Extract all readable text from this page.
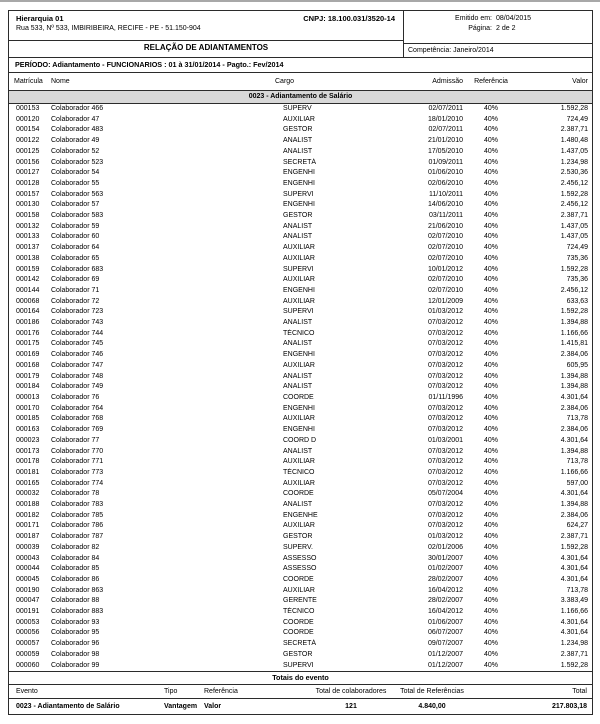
Hierarquia 01
Rua 533, Nº 533, IMBIRIBEIRA, RECIFE - PE - 51.150-904
CNPJ: 18.100.031/3520-14
RELAÇÃO DE ADIANTAMENTOS
Emitido em: 08/04/2015
Página: 2 de 2
Competência: Janeiro/2014
PERÍODO: Adiantamento - FUNCIONARIOS : 01 à 31/01/2014 - Pagto.: Fev/2014
Matrícula	Nome	Cargo	Admissão	Referência	Valor
0023 - Adiantamento de Salário					
000153	Colaborador 466	SUPERV	02/07/2011	40%	1.592,28
000120	Colaborador 47	AUXILIAR	18/01/2010	40%	724,49
000154	Colaborador 483	GESTOR	02/07/2011	40%	2.387,71
000122	Colaborador 49	ANALIST	21/01/2010	40%	1.480,48
000125	Colaborador 52	ANALIST	17/05/2010	40%	1.437,05
000156	Colaborador 523	SECRETÁ	01/09/2011	40%	1.234,98
000127	Colaborador 54	ENGENHI	01/06/2010	40%	2.530,36
000128	Colaborador 55	ENGENHI	02/06/2010	40%	2.456,12
000157	Colaborador 563	SUPERVI	11/10/2011	40%	1.592,28
000130	Colaborador 57	ENGENHI	14/06/2010	40%	2.456,12
000158	Colaborador 583	GESTOR	03/11/2011	40%	2.387,71
000132	Colaborador 59	ANALIST	21/06/2010	40%	1.437,05
000133	Colaborador 60	ANALIST	02/07/2010	40%	1.437,05
000137	Colaborador 64	AUXILIAR	02/07/2010	40%	724,49
000138	Colaborador 65	AUXILIAR	02/07/2010	40%	735,36
000159	Colaborador 683	SUPERVI	10/01/2012	40%	1.592,28
000142	Colaborador 69	AUXILIAR	02/07/2010	40%	735,36
000144	Colaborador 71	ENGENHI	02/07/2010	40%	2.456,12
000068	Colaborador 72	AUXILIAR	12/01/2009	40%	633,63
000164	Colaborador 723	SUPERVI	01/03/2012	40%	1.592,28
000186	Colaborador 743	ANALIST	07/03/2012	40%	1.394,88
000176	Colaborador 744	TÉCNICO	07/03/2012	40%	1.166,66
000175	Colaborador 745	ANALIST	07/03/2012	40%	1.415,81
000169	Colaborador 746	ENGENHI	07/03/2012	40%	2.384,06
000168	Colaborador 747	AUXILIAR	07/03/2012	40%	605,95
000179	Colaborador 748	ANALIST	07/03/2012	40%	1.394,88
000184	Colaborador 749	ANALIST	07/03/2012	40%	1.394,88
000013	Colaborador 76	COORDE	01/11/1996	40%	4.301,64
000170	Colaborador 764	ENGENHI	07/03/2012	40%	2.384,06
000185	Colaborador 768	AUXILIAR	07/03/2012	40%	713,78
000163	Colaborador 769	ENGENHI	07/03/2012	40%	2.384,06
000023	Colaborador 77	COORD D	01/03/2001	40%	4.301,64
000173	Colaborador 770	ANALIST	07/03/2012	40%	1.394,88
000178	Colaborador 771	AUXILIAR	07/03/2012	40%	713,78
000181	Colaborador 773	TÉCNICO	07/03/2012	40%	1.166,66
000165	Colaborador 774	AUXILIAR	07/03/2012	40%	597,00
000032	Colaborador 78	COORDE	05/07/2004	40%	4.301,64
000188	Colaborador 783	ANALIST	07/03/2012	40%	1.394,88
000182	Colaborador 785	ENGENHE	07/03/2012	40%	2.384,06
000171	Colaborador 786	AUXILIAR	07/03/2012	40%	624,27
000187	Colaborador 787	GESTOR	01/03/2012	40%	2.387,71
000039	Colaborador 82	SUPERV.	02/01/2006	40%	1.592,28
000043	Colaborador 84	ASSESSO	30/01/2007	40%	4.301,64
000044	Colaborador 85	ASSESSO	01/02/2007	40%	4.301,64
000045	Colaborador 86	COORDE	28/02/2007	40%	4.301,64
000190	Colaborador 863	AUXILIAR	16/04/2012	40%	713,78
000047	Colaborador 88	GERENTE	28/02/2007	40%	3.383,49
000191	Colaborador 883	TÉCNICO	16/04/2012	40%	1.166,66
000053	Colaborador 93	COORDE	01/06/2007	40%	4.301,64
000056	Colaborador 95	COORDE	06/07/2007	40%	4.301,64
000057	Colaborador 96	SECRETÁ	09/07/2007	40%	1.234,98
000059	Colaborador 98	GESTOR	01/12/2007	40%	2.387,71
000060	Colaborador 99	SUPERVI	01/12/2007	40%	1.592,28
Totais do evento
Evento	Tipo	Referência	Total de colaboradores	Total de Referências	Total
0023 - Adiantamento de Salário	Vantagem	Valor	121	4.840,00	217.803,18
